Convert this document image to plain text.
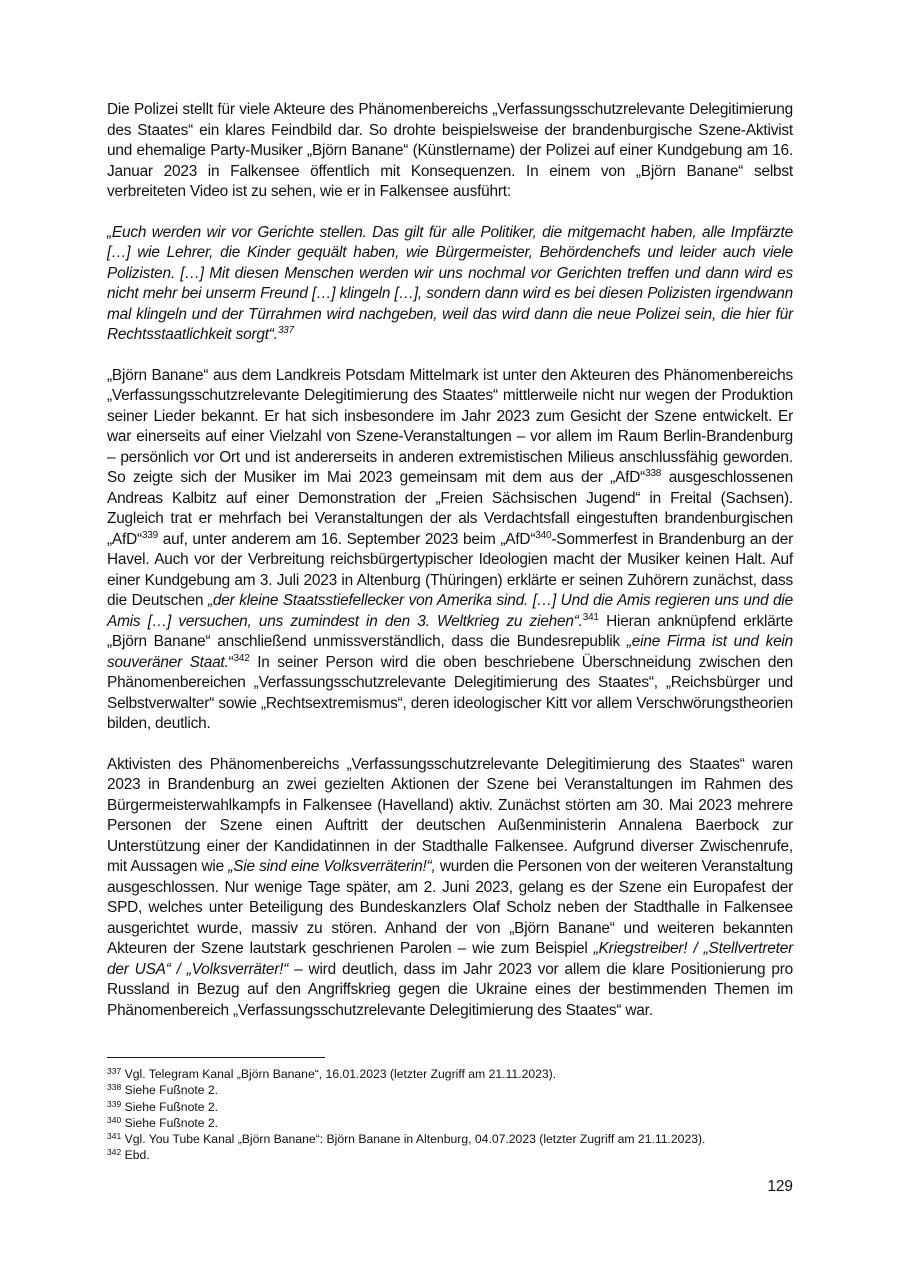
Die Polizei stellt für viele Akteure des Phänomenbereichs „Verfassungsschutzrelevante Delegitimierung des Staates“ ein klares Feindbild dar. So drohte beispielsweise der brandenburgische Szene-Aktivist und ehemalige Party-Musiker „Björn Banane“ (Künstlername) der Polizei auf einer Kundgebung am 16. Januar 2023 in Falkensee öffentlich mit Konsequenzen. In einem von „Björn Banane“ selbst verbreiteten Video ist zu sehen, wie er in Falkensee ausführt:

„Euch werden wir vor Gerichte stellen. Das gilt für alle Politiker, die mitgemacht haben, alle Impfärzte […] wie Lehrer, die Kinder gequält haben, wie Bürgermeister, Behördenchefs und leider auch viele Polizisten. […] Mit diesen Menschen werden wir uns nochmal vor Gerichten treffen und dann wird es nicht mehr bei unserm Freund […] klingeln […], sondern dann wird es bei diesen Polizisten irgendwann mal klingeln und der Türrahmen wird nachgeben, weil das wird dann die neue Polizei sein, die hier für Rechtsstaatlichkeit sorgt“.$^{337}$

„Björn Banane“ aus dem Landkreis Potsdam Mittelmark ist unter den Akteuren des Phänomenbereichs „Verfassungsschutzrelevante Delegitimierung des Staates“ mittlerweile nicht nur wegen der Produktion seiner Lieder bekannt. Er hat sich insbesondere im Jahr 2023 zum Gesicht der Szene entwickelt. Er war einerseits auf einer Vielzahl von Szene-Veranstaltungen – vor allem im Raum Berlin-Brandenburg – persönlich vor Ort und ist andererseits in anderen extremistischen Milieus anschlussfähig geworden. So zeigte sich der Musiker im Mai 2023 gemeinsam mit dem aus der „AfD“$^{338}$ ausgeschlossenen Andreas Kalbitz auf einer Demonstration der „Freien Sächsischen Jugend“ in Freital (Sachsen). Zugleich trat er mehrfach bei Veranstaltungen der als Verdachtsfall eingestuften brandenburgischen „AfD“$^{339}$ auf, unter anderem am 16. September 2023 beim „AfD“$^{340}$-Sommerfest in Brandenburg an der Havel. Auch vor der Verbreitung reichsbürgertypischer Ideologien macht der Musiker keinen Halt. Auf einer Kundgebung am 3. Juli 2023 in Altenburg (Thüringen) erklärte er seinen Zuhörern zunächst, dass die Deutschen „der kleine Staatsstiefellecker von Amerika sind. […] Und die Amis regieren uns und die Amis […] versuchen, uns zumindest in den 3. Weltkrieg zu ziehen“.$^{341}$ Hieran anknüpfend erklärte „Björn Banane“ anschließend unmissverständlich, dass die Bundesrepublik „eine Firma ist und kein souveräner Staat.“$^{342}$ In seiner Person wird die oben beschriebene Überschneidung zwischen den Phänomenbereichen „Verfassungsschutzrelevante Delegitimierung des Staates“, „Reichsbürger und Selbstverwalter“ sowie „Rechtsextremismus“, deren ideologischer Kitt vor allem Verschwörungstheorien bilden, deutlich.

Aktivisten des Phänomenbereichs „Verfassungsschutzrelevante Delegitimierung des Staates“ waren 2023 in Brandenburg an zwei gezielten Aktionen der Szene bei Veranstaltungen im Rahmen des Bürgermeisterwahlkampfs in Falkensee (Havelland) aktiv. Zunächst störten am 30. Mai 2023 mehrere Personen der Szene einen Auftritt der deutschen Außenministerin Annalena Baerbock zur Unterstützung einer der Kandidatinnen in der Stadthalle Falkensee. Aufgrund diverser Zwischenrufe, mit Aussagen wie „Sie sind eine Volksverräterin!“, wurden die Personen von der weiteren Veranstaltung ausgeschlossen. Nur wenige Tage später, am 2. Juni 2023, gelang es der Szene ein Europafest der SPD, welches unter Beteiligung des Bundeskanzlers Olaf Scholz neben der Stadthalle in Falkensee ausgerichtet wurde, massiv zu stören. Anhand der von „Björn Banane“ und weiteren bekannten Akteuren der Szene lautstark geschrienen Parolen – wie zum Beispiel „Kriegstreiber! / „Stellvertreter der USA“ / „Volksverräter!“ – wird deutlich, dass im Jahr 2023 vor allem die klare Positionierung pro Russland in Bezug auf den Angriffskrieg gegen die Ukraine eines der bestimmenden Themen im Phänomenbereich „Verfassungsschutzrelevante Delegitimierung des Staates“ war.

$^{337}$ Vgl. Telegram Kanal „Björn Banane“, 16.01.2023 (letzter Zugriff am 21.11.2023).

$^{338}$ Siehe Fußnote 2.

$^{339}$ Siehe Fußnote 2.

$^{340}$ Siehe Fußnote 2.

$^{341}$ Vgl. You Tube Kanal „Björn Banane“: Björn Banane in Altenburg, 04.07.2023 (letzter Zugriff am 21.11.2023).

$^{342}$ Ebd.

129
